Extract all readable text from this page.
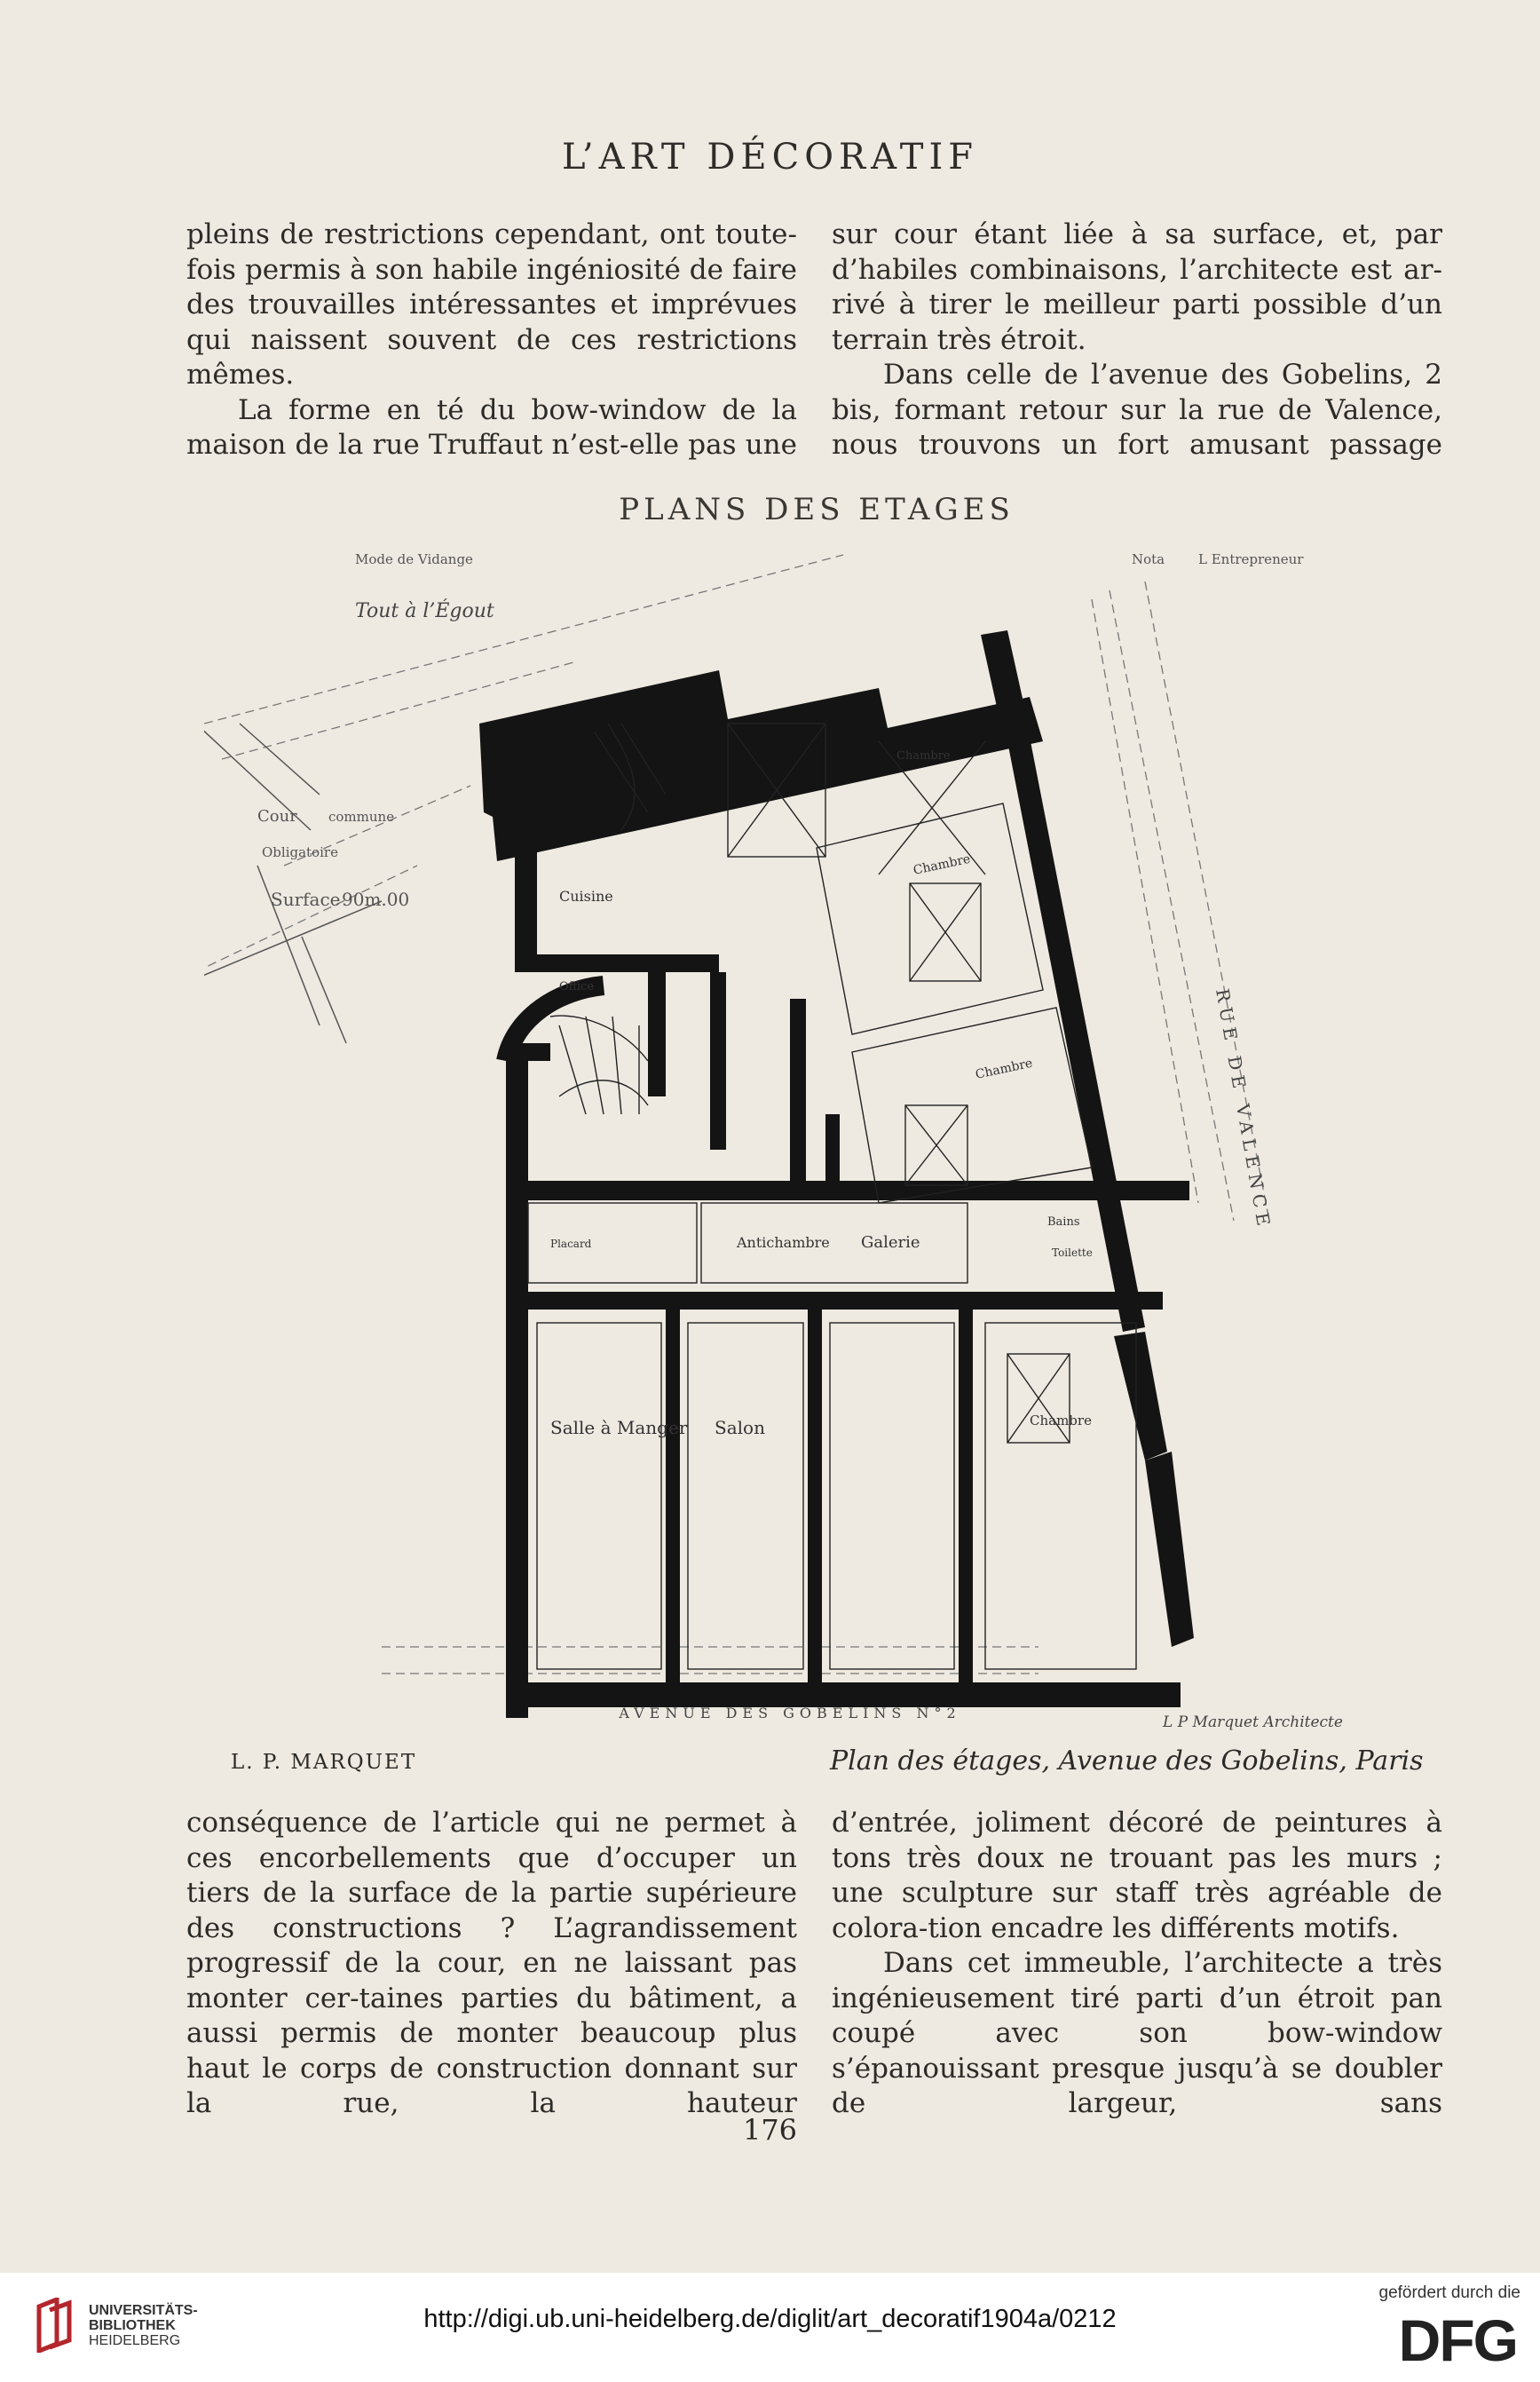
L’ART DÉCORATIF

pleins de restrictions cependant, ont toute-fois permis à son habile ingéniosité de faire des trouvailles intéressantes et imprévues qui naissent souvent de ces restrictions mêmes.

La forme en té du bow-window de la maison de la rue Truffaut n’est-elle pas une

sur cour étant liée à sa surface, et, par d’habiles combinaisons, l’architecte est ar-rivé à tirer le meilleur parti possible d’un terrain très étroit.

Dans celle de l’avenue des Gobelins, 2 bis, formant retour sur la rue de Valence, nous trouvons un fort amusant passage

PLANS DES ETAGES
Mode de Vidange
Tout à l’Égout
Nota	L Entrepreneur
Cour commune
Obligatoire
Surface 90m.00	Cuisine
Office
Chambre
Chambre
Chambre
Antichambre Galerie
Placard
Bains
Toilette
Salle à Manger Salon	Chambre
RUE DE VALENCE
AVENUE DES GOBELINS N°2
L P Marquet Architecte
L. P. MARQUET	Plan des étages, Avenue des Gobelins, Paris

conséquence de l’article qui ne permet à ces encorbellements que d’occuper un tiers de la surface de la partie supérieure des constructions ? L’agrandissement progressif de la cour, en ne laissant pas monter cer-taines parties du bâtiment, a aussi permis de monter beaucoup plus haut le corps de construction donnant sur la rue, la hauteur

d’entrée, joliment décoré de peintures à tons très doux ne trouant pas les murs ; une sculpture sur staff très agréable de colora-tion encadre les différents motifs.

Dans cet immeuble, l’architecte a très ingénieusement tiré parti d’un étroit pan coupé avec son bow-window s’épanouissant presque jusqu’à se doubler de largeur, sans

176
UNIVERSITÄTS-
BIBLIOTHEK
HEIDELBERG
http://digi.ub.uni-heidelberg.de/diglit/art_decoratif1904a/0212
gefördert durch die
DFG
